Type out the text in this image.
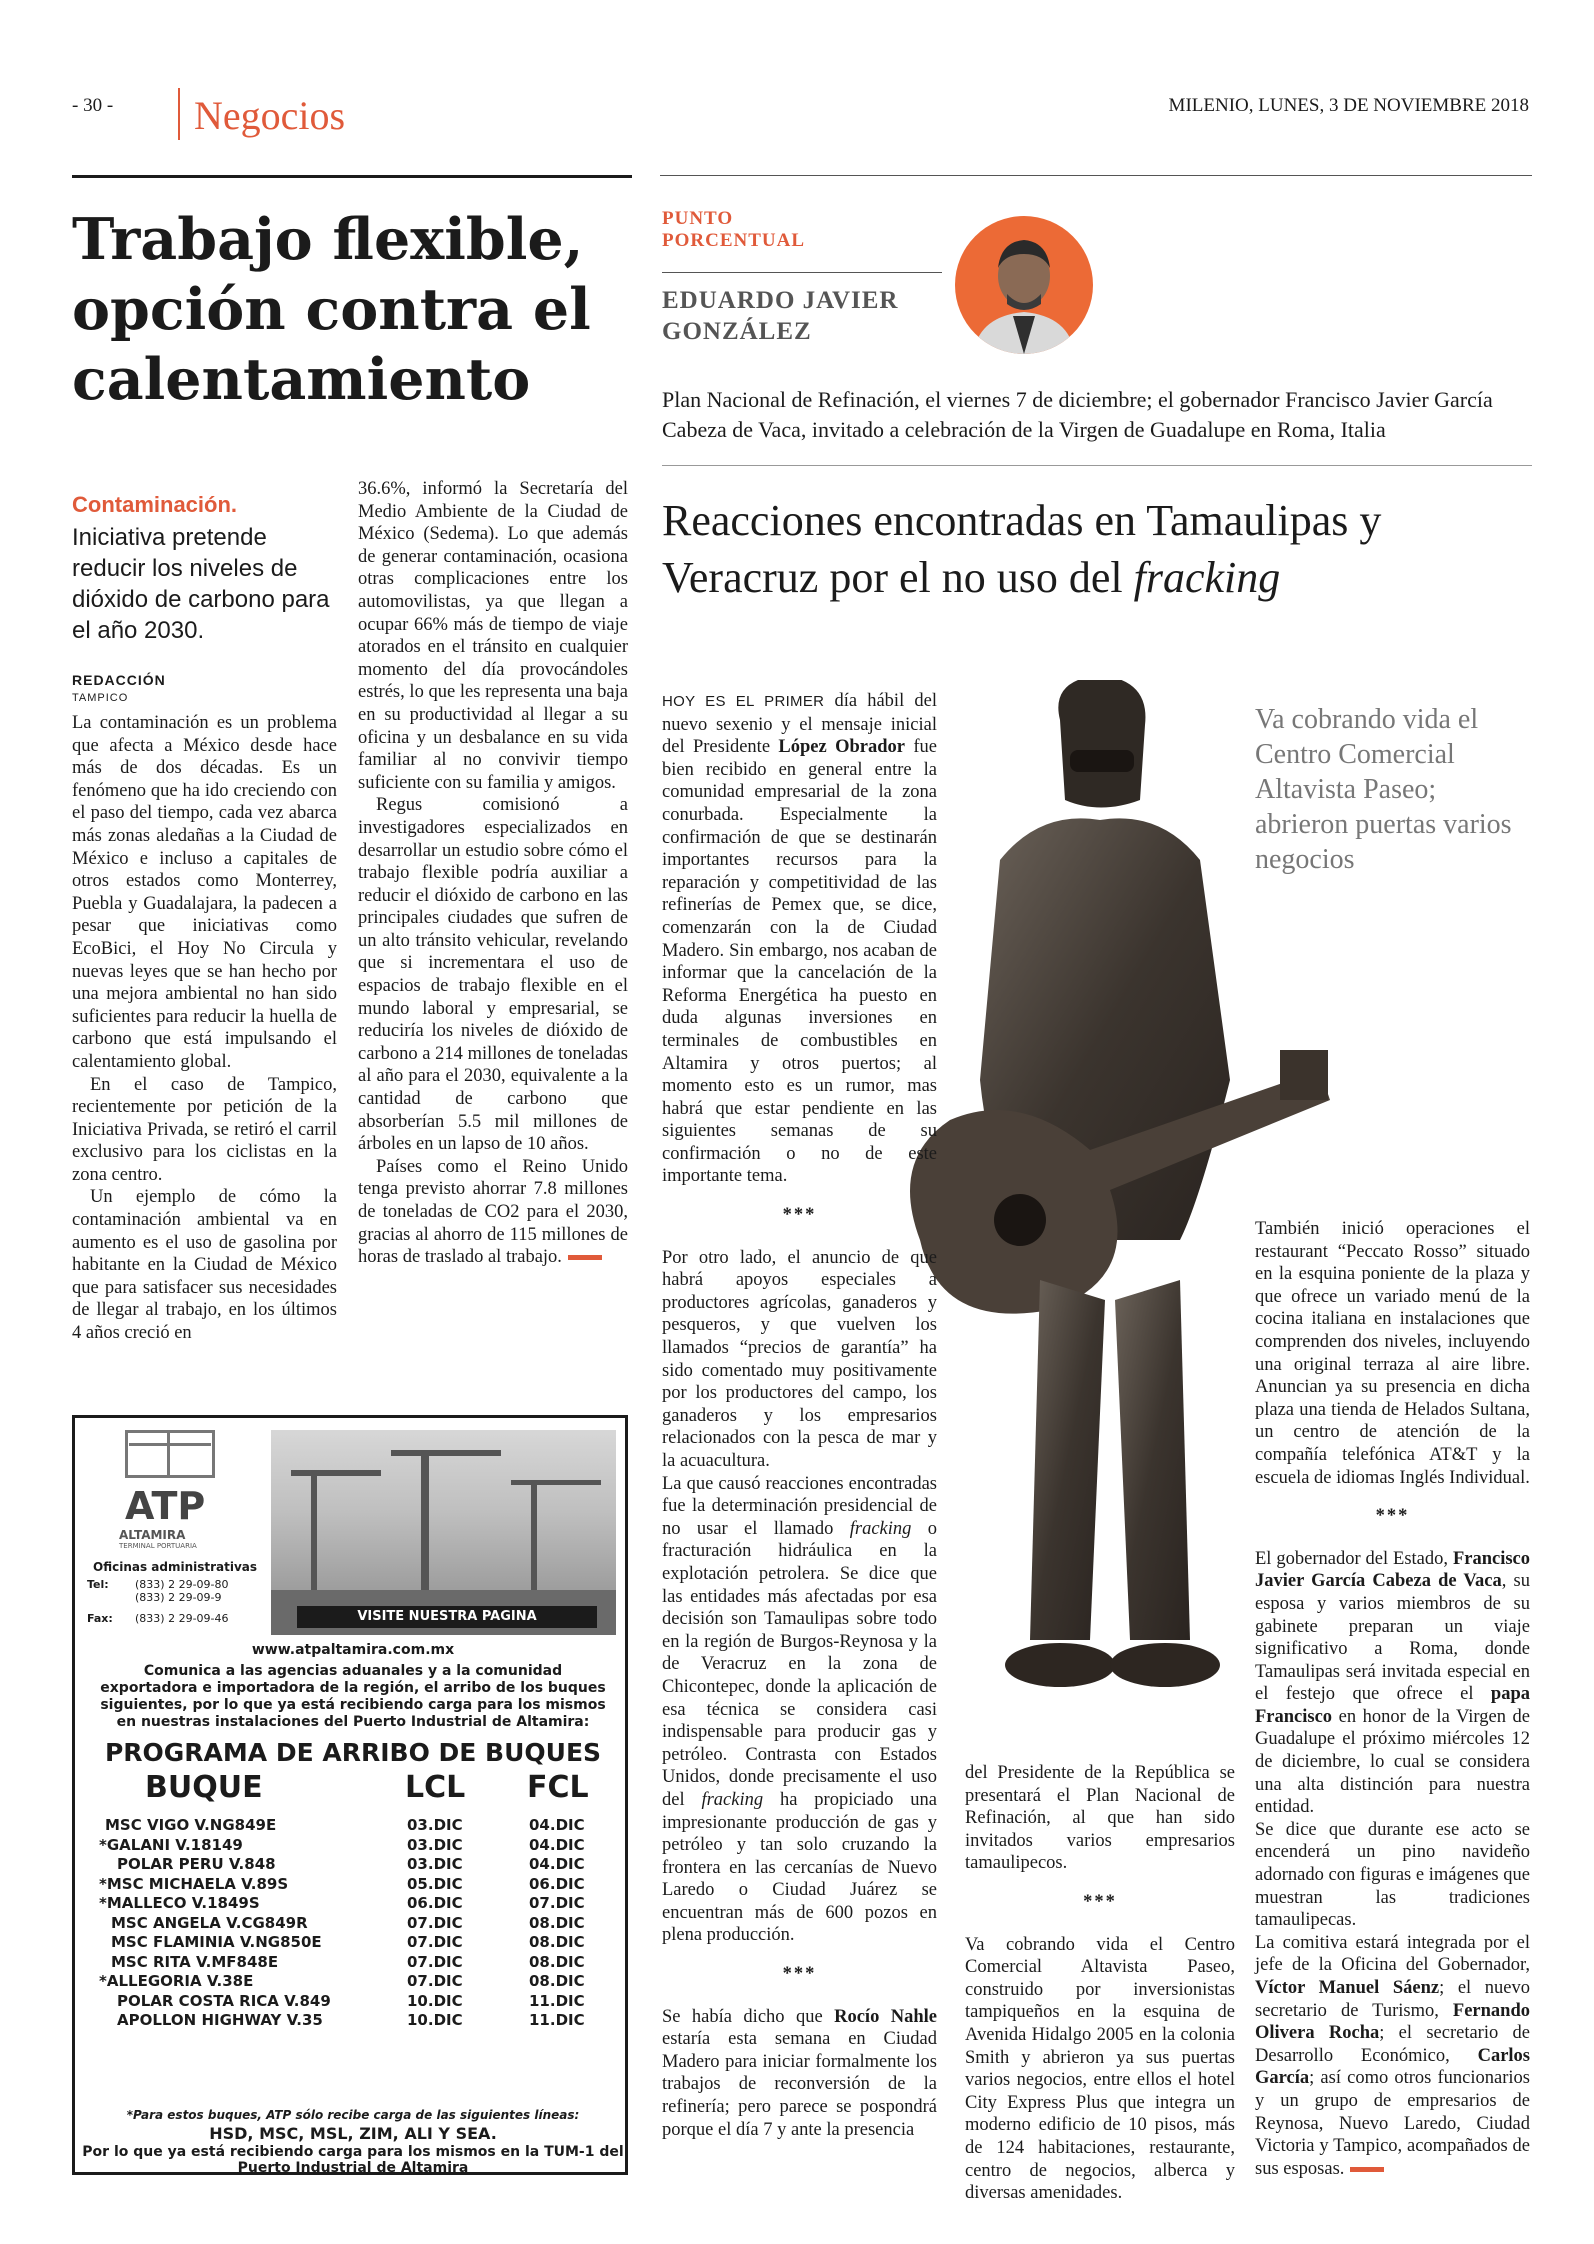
- 30 - Negocios	MILENIO, LUNES, 3 DE NOVIEMBRE 2018
Trabajo flexible, opción contra el calentamiento
Contaminación.
Iniciativa pretende reducir los niveles de dióxido de carbono para el año 2030.
REDACCIÓN
TAMPICO

La contaminación es un problema que afecta a México desde hace más de dos décadas. Es un fenómeno que ha ido creciendo con el paso del tiempo, cada vez abarca más zonas aledañas a la Ciudad de México e incluso a capitales de otros estados como Monterrey, Puebla y Guadalajara, la padecen a pesar que iniciativas como EcoBici, el Hoy No Circula y nuevas leyes que se han hecho por una mejora ambiental no han sido suficientes para reducir la huella de carbono que está impulsando el calentamiento global.

En el caso de Tampico, recientemente por petición de la Iniciativa Privada, se retiró el carril exclusivo para los ciclistas en la zona centro.

Un ejemplo de cómo la contaminación ambiental va en aumento es el uso de gasolina por habitante en la Ciudad de México que para satisfacer sus necesidades de llegar al trabajo, en los últimos 4 años creció en

36.6%, informó la Secretaría del Medio Ambiente de la Ciudad de México (Sedema). Lo que además de generar contaminación, ocasiona otras complicaciones entre los automovilistas, ya que llegan a ocupar 66% más de tiempo de viaje atorados en el tránsito en cualquier momento del día provocándoles estrés, lo que les representa una baja en su productividad al llegar a su oficina y un desbalance en su vida familiar al no convivir tiempo suficiente con su familia y amigos.

Regus comisionó a investigadores especializados en desarrollar un estudio sobre cómo el trabajo flexible podría auxiliar a reducir el dióxido de carbono en las principales ciudades que sufren de un alto tránsito vehicular, revelando que si incrementara el uso de espacios de trabajo flexible en el mundo laboral y empresarial, se reduciría los niveles de dióxido de carbono a 214 millones de toneladas al año para el 2030, equivalente a la cantidad de carbono que absorberían 5.5 mil millones de árboles en un lapso de 10 años.

Países como el Reino Unido tenga previsto ahorrar 7.8 millones de toneladas de CO2 para el 2030, gracias al ahorro de 115 millones de horas de traslado al trabajo.

ATP
ALTAMIRA
TERMINAL PORTUARIA
Oficinas administrativas
Tel: (833) 2 29-09-80
(833) 2 29-09-9
Fax: (833) 2 29-09-46	VISITE NUESTRA PAGINA
www.atpaltamira.com.mx
Comunica a las agencias aduanales y a la comunidad exportadora e importadora de la región, el arribo de los buques siguientes, por lo que ya está recibiendo carga para los mismos en nuestras instalaciones del Puerto Industrial de Altamira:
PROGRAMA DE ARRIBO DE BUQUES
BUQUE	LCL FCL
MSC VIGO V.NG849E	03.DIC	04.DIC
*GALANI V.18149	03.DIC	04.DIC
POLAR PERU V.848	03.DIC	04.DIC
*MSC MICHAELA V.89S	05.DIC	06.DIC
*MALLECO V.1849S	06.DIC	07.DIC
MSC ANGELA V.CG849R	07.DIC	08.DIC
MSC FLAMINIA V.NG850E	07.DIC	08.DIC
MSC RITA V.MF848E	07.DIC	08.DIC
*ALLEGORIA V.38E	07.DIC	08.DIC
POLAR COSTA RICA V.849	10.DIC	11.DIC
APOLLON HIGHWAY V.35	10.DIC	11.DIC
*Para estos buques, ATP sólo recibe carga de las siguientes líneas:
HSD, MSC, MSL, ZIM, ALI Y SEA.
Por lo que ya está recibiendo carga para los mismos en la TUM-1 del Puerto Industrial de Altamira
PUNTO PORCENTUAL
EDUARDO JAVIER GONZÁLEZ
Plan Nacional de Refinación, el viernes 7 de diciembre; el gobernador Francisco Javier García Cabeza de Vaca, invitado a celebración de la Virgen de Guadalupe en Roma, Italia
Reacciones encontradas en Tamaulipas y Veracruz por el no uso del fracking

HOY ES EL PRIMER día hábil del nuevo sexenio y el mensaje inicial del Presidente López Obrador fue bien recibido en general entre la comunidad empresarial de la zona conurbada. Especialmente la confirmación de que se destinarán importantes recursos para la reparación y competitividad de las refinerías de Pemex que, se dice, comenzarán con la de Ciudad Madero. Sin embargo, nos acaban de informar que la cancelación de la Reforma Energética ha puesto en duda algunas inversiones en terminales de combustibles en Altamira y otros puertos; al momento esto es un rumor, mas habrá que estar pendiente en las siguientes semanas de su confirmación o no de este importante tema.

***

Por otro lado, el anuncio de que habrá apoyos especiales a productores agrícolas, ganaderos y pesqueros, y que vuelven los llamados “precios de garantía” ha sido comentado muy positivamente por los productores del campo, los ganaderos y los empresarios relacionados con la pesca de mar y la acuacultura.

La que causó reacciones encontradas fue la determinación presidencial de no usar el llamado fracking o fracturación hidráulica en la explotación petrolera. Se dice que las entidades más afectadas por esa decisión son Tamaulipas sobre todo en la región de Burgos-Reynosa y la de Veracruz en la zona de Chicontepec, donde la aplicación de esa técnica se considera casi indispensable para producir gas y petróleo. Contrasta con Estados Unidos, donde precisamente el uso del fracking ha propiciado una impresionante producción de gas y petróleo y tan solo cruzando la frontera en las cercanías de Nuevo Laredo o Ciudad Juárez se encuentran más de 600 pozos en plena producción.

***

Se había dicho que Rocío Nahle estaría esta semana en Ciudad Madero para iniciar formalmente los trabajos de reconversión de la refinería; pero parece se pospondrá porque el día 7 y ante la presencia

del Presidente de la República se presentará el Plan Nacional de Refinación, al que han sido invitados varios empresarios tamaulipecos.

***

Va cobrando vida el Centro Comercial Altavista Paseo, construido por inversionistas tampiqueños en la esquina de Avenida Hidalgo 2005 en la colonia Smith y abrieron ya sus puertas varios negocios, entre ellos el hotel City Express Plus que integra un moderno edificio de 10 pisos, más de 124 habitaciones, restaurante, centro de negocios, alberca y diversas amenidades.

Va cobrando vida el Centro Comercial Altavista Paseo; abrieron puertas varios negocios

También inició operaciones el restaurant “Peccato Rosso” situado en la esquina poniente de la plaza y que ofrece un variado menú de la cocina italiana en instalaciones que comprenden dos niveles, incluyendo una original terraza al aire libre. Anuncian ya su presencia en dicha plaza una tienda de Helados Sultana, un centro de atención de la compañía telefónica AT&T y la escuela de idiomas Inglés Individual.

***

El gobernador del Estado, Francisco Javier García Cabeza de Vaca, su esposa y varios miembros de su gabinete preparan un viaje significativo a Roma, donde Tamaulipas será invitada especial en el festejo que ofrece el papa Francisco en honor de la Virgen de Guadalupe el próximo miércoles 12 de diciembre, lo cual se considera una alta distinción para nuestra entidad.

Se dice que durante ese acto se encenderá un pino navideño adornado con figuras e imágenes que muestran las tradiciones tamaulipecas.

La comitiva estará integrada por el jefe de la Oficina del Gobernador, Víctor Manuel Sáenz; el nuevo secretario de Turismo, Fernando Olivera Rocha; el secretario de Desarrollo Económico, Carlos García; así como otros funcionarios y un grupo de empresarios de Reynosa, Nuevo Laredo, Ciudad Victoria y Tampico, acompañados de sus esposas.
